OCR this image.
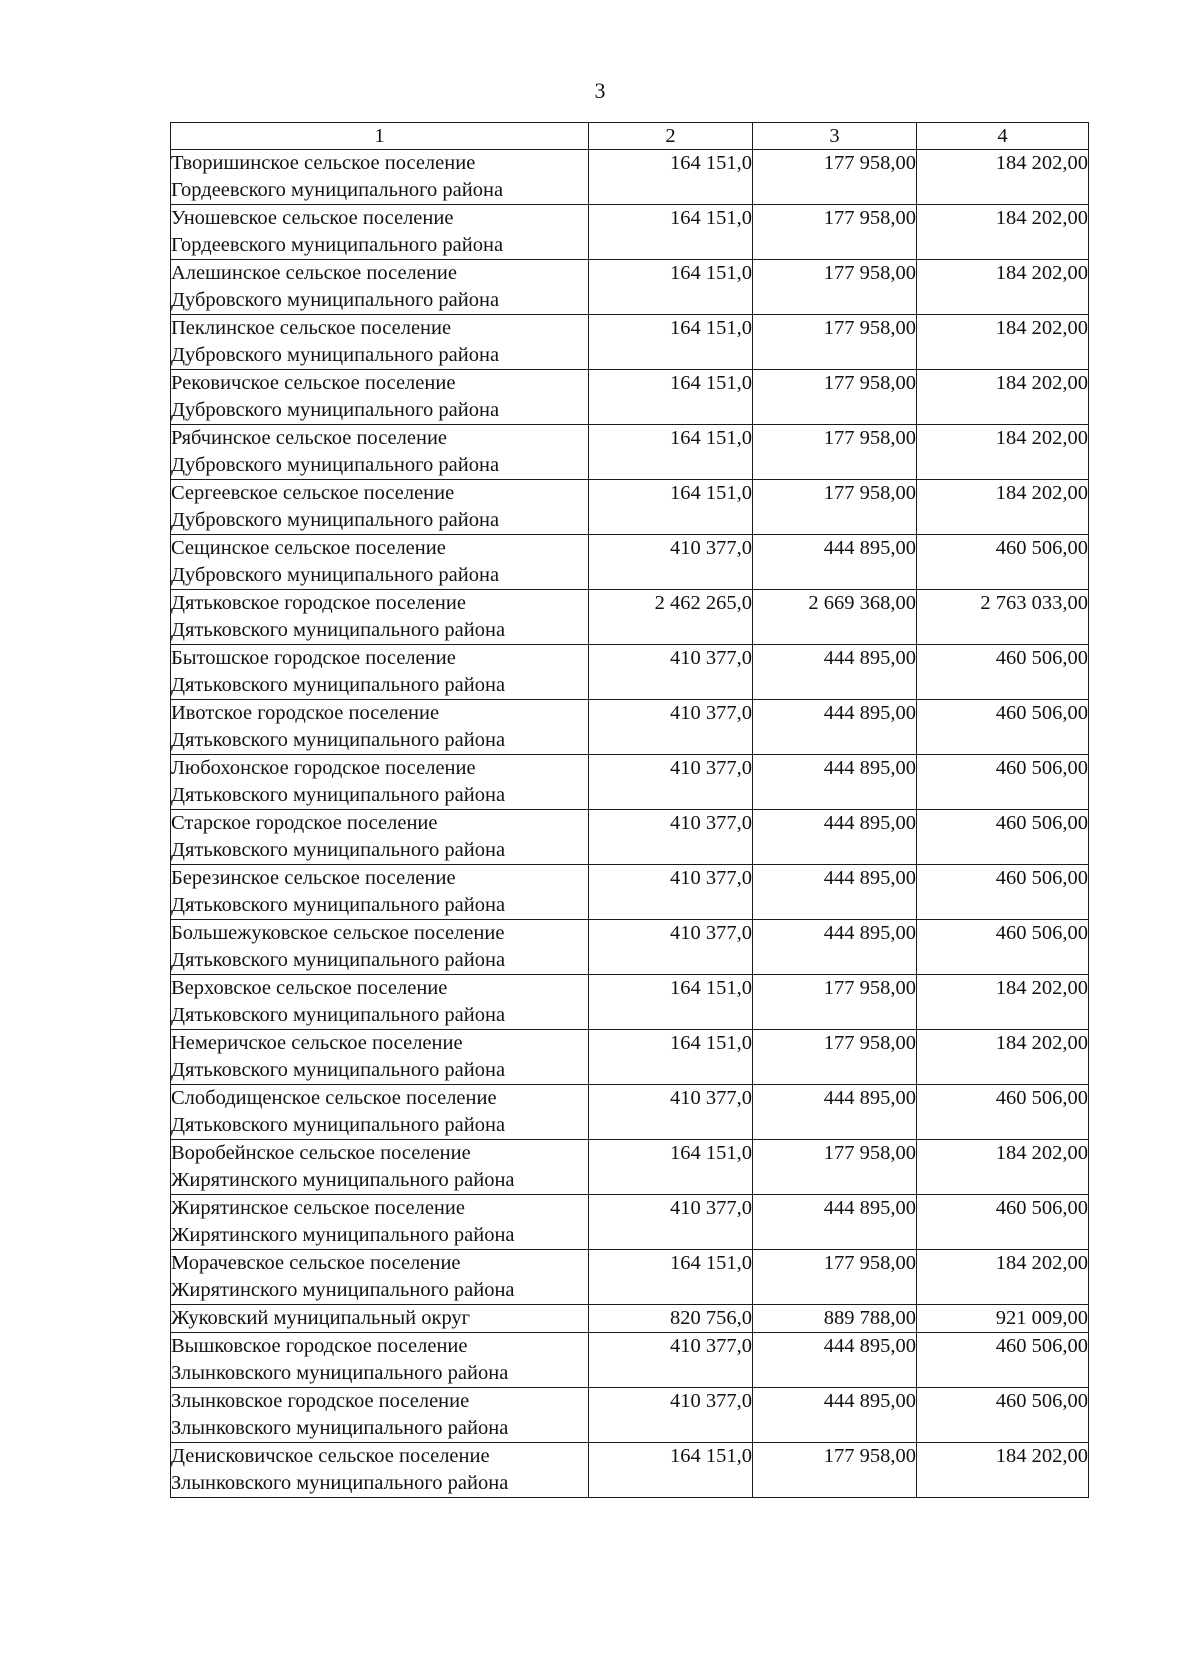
3
1	2	3	4

Творишинское сельское поселение
Гордеевского муниципального района	164 151,0	177 958,00	184 202,00

Уношевское сельское поселение
Гордеевского муниципального района	164 151,0	177 958,00	184 202,00

Алешинское сельское поселение
Дубровского муниципального района	164 151,0	177 958,00	184 202,00

Пеклинское сельское поселение
Дубровского муниципального района	164 151,0	177 958,00	184 202,00

Рековичское сельское поселение
Дубровского муниципального района	164 151,0	177 958,00	184 202,00

Рябчинское сельское поселение
Дубровского муниципального района	164 151,0	177 958,00	184 202,00

Сергеевское сельское поселение
Дубровского муниципального района	164 151,0	177 958,00	184 202,00

Сещинское сельское поселение
Дубровского муниципального района	410 377,0	444 895,00	460 506,00

Дятьковское городское поселение
Дятьковского муниципального района	2 462 265,0	2 669 368,00	2 763 033,00

Бытошское городское поселение
Дятьковского муниципального района	410 377,0	444 895,00	460 506,00

Ивотское городское поселение
Дятьковского муниципального района	410 377,0	444 895,00	460 506,00

Любохонское городское поселение
Дятьковского муниципального района	410 377,0	444 895,00	460 506,00

Старское городское поселение
Дятьковского муниципального района	410 377,0	444 895,00	460 506,00

Березинское сельское поселение
Дятьковского муниципального района	410 377,0	444 895,00	460 506,00

Большежуковское сельское поселение
Дятьковского муниципального района	410 377,0	444 895,00	460 506,00

Верховское сельское поселение
Дятьковского муниципального района	164 151,0	177 958,00	184 202,00

Немеричское сельское поселение
Дятьковского муниципального района	164 151,0	177 958,00	184 202,00

Слободищенское сельское поселение
Дятьковского муниципального района	410 377,0	444 895,00	460 506,00

Воробейнское сельское поселение
Жирятинского муниципального района	164 151,0	177 958,00	184 202,00

Жирятинское сельское поселение
Жирятинского муниципального района	410 377,0	444 895,00	460 506,00

Морачевское сельское поселение
Жирятинского муниципального района	164 151,0	177 958,00	184 202,00

Жуковский муниципальный округ	820 756,0	889 788,00	921 009,00

Вышковское городское поселение
Злынковского муниципального района	410 377,0	444 895,00	460 506,00

Злынковское городское поселение
Злынковского муниципального района	410 377,0	444 895,00	460 506,00

Денисковичское сельское поселение
Злынковского муниципального района	164 151,0	177 958,00	184 202,00
